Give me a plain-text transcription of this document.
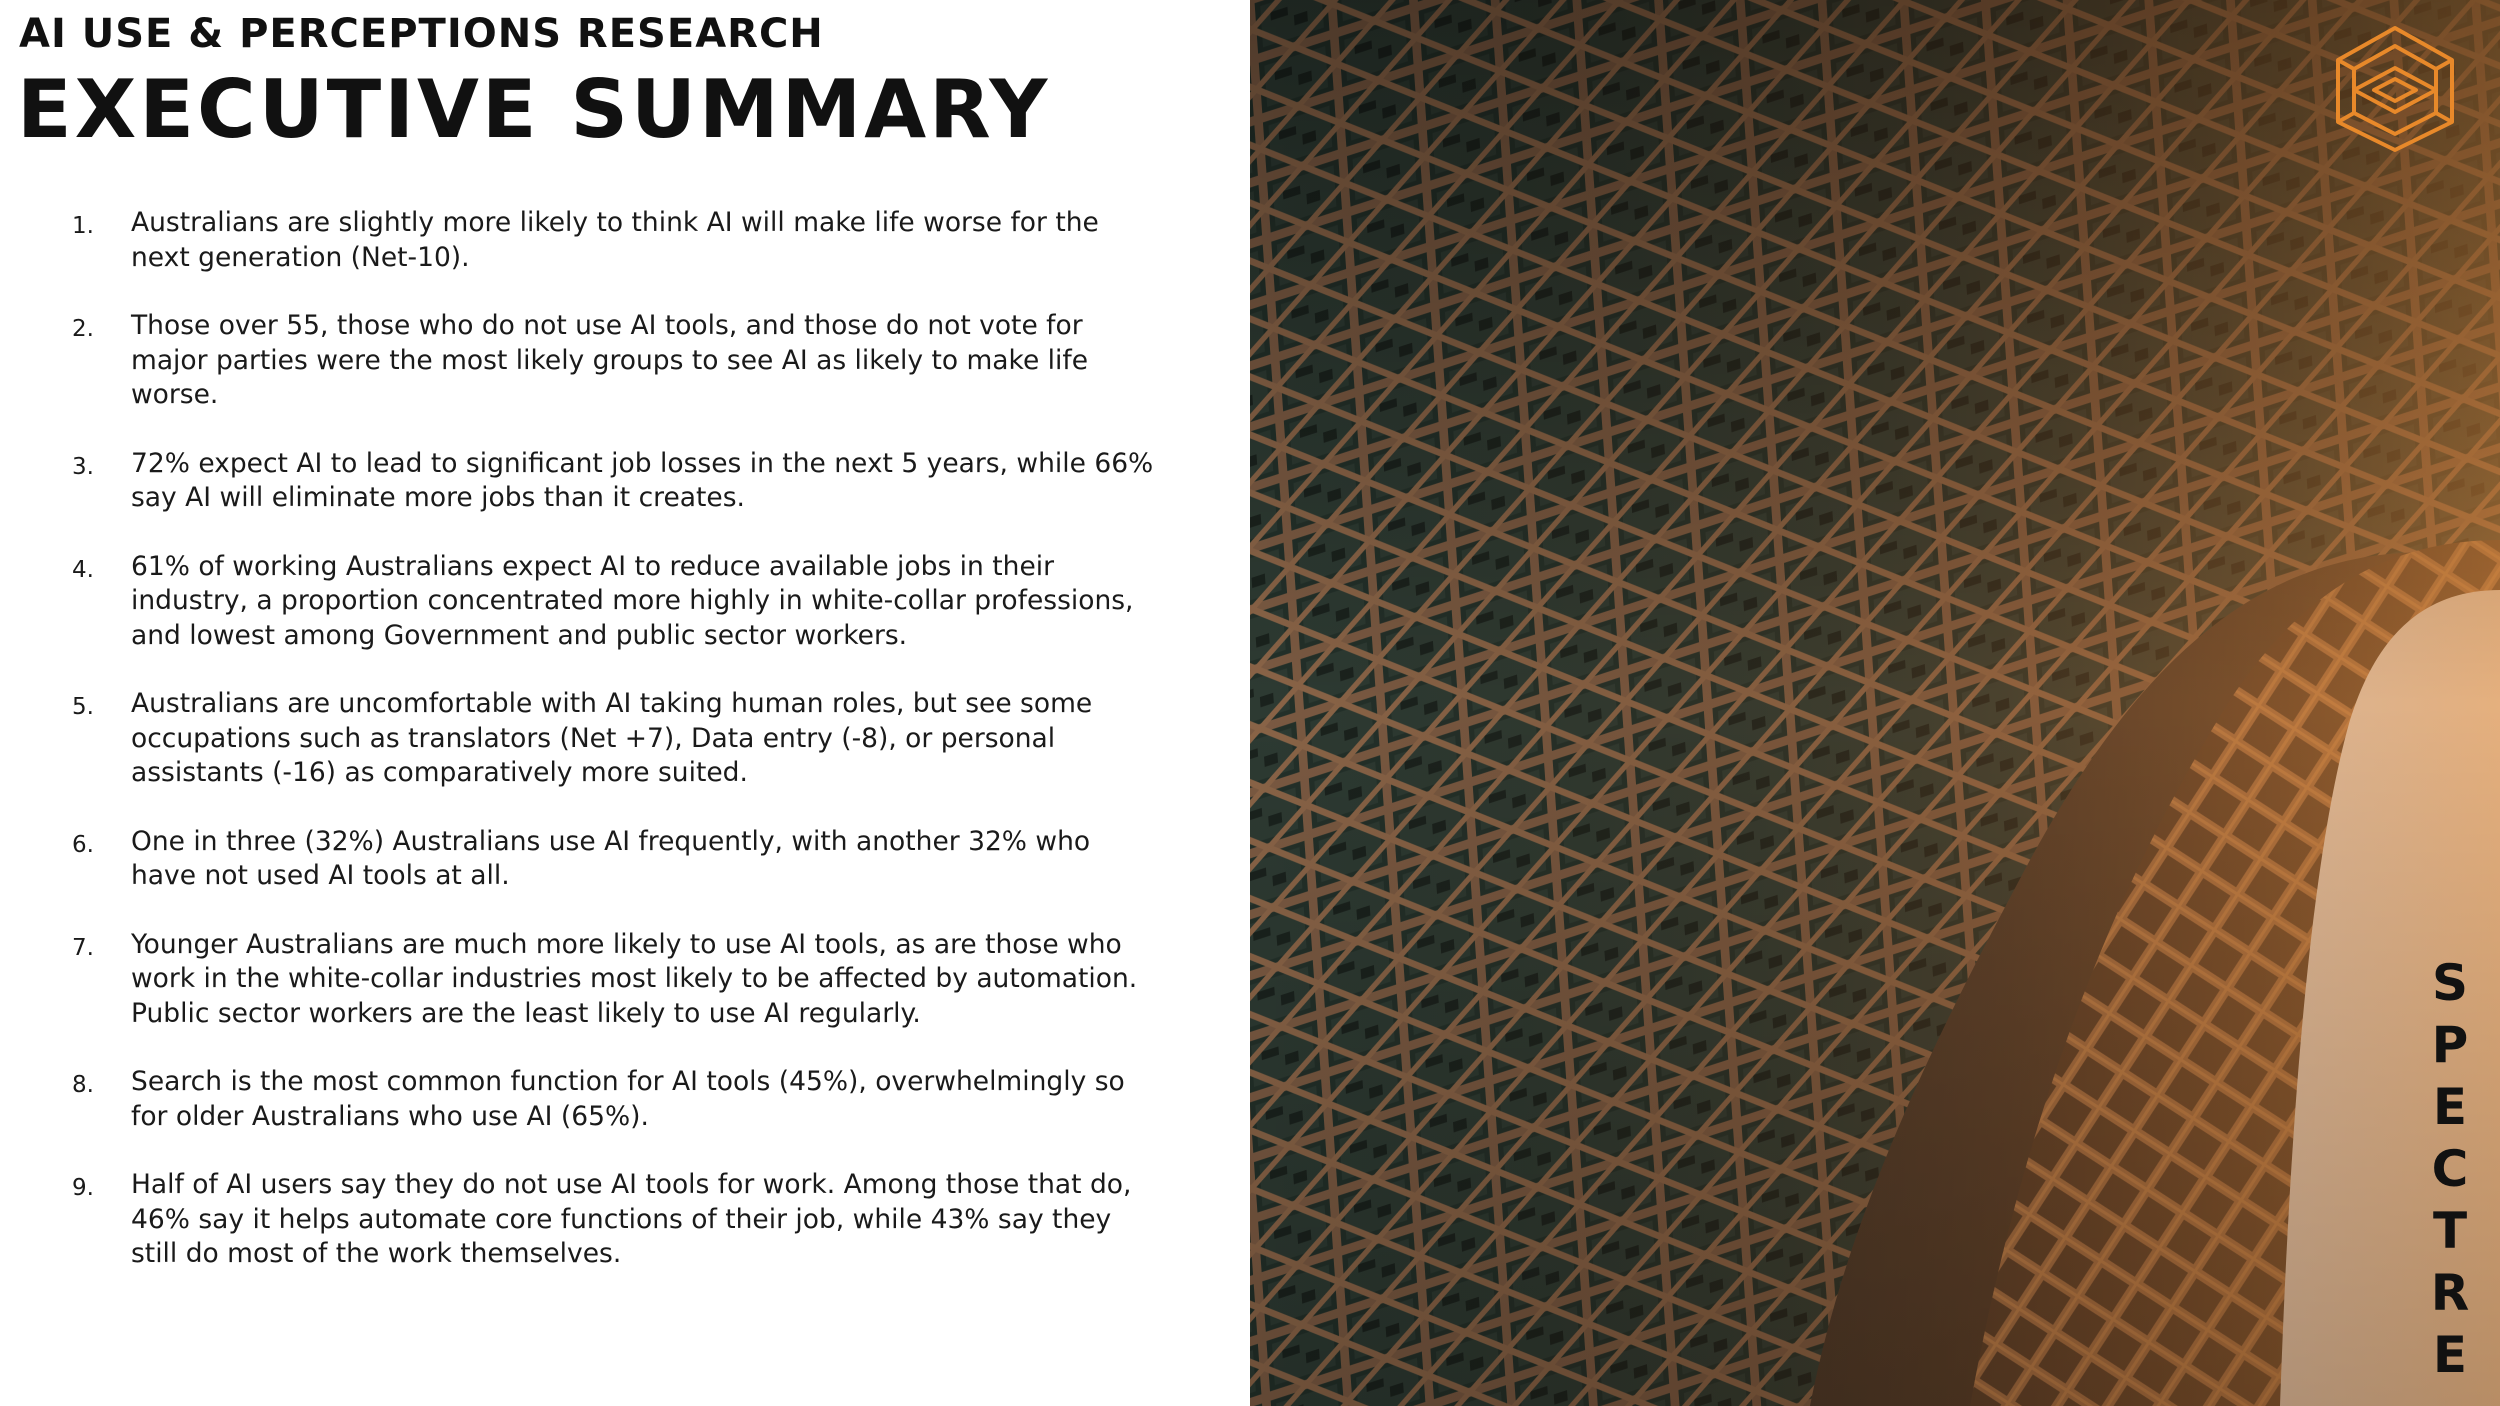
AI USE & PERCEPTIONS RESEARCH
EXECUTIVE SUMMARY
1. Australians are slightly more likely to think AI will make life worse for the next generation (Net-10).
2. Those over 55, those who do not use AI tools, and those do not vote for major parties were the most likely groups to see AI as likely to make life worse.
3. 72% expect AI to lead to significant job losses in the next 5 years, while 66% say AI will eliminate more jobs than it creates.
4. 61% of working Australians expect AI to reduce available jobs in their industry, a proportion concentrated more highly in white-collar professions, and lowest among Government and public sector workers.
5. Australians are uncomfortable with AI taking human roles, but see some occupations such as translators (Net +7), Data entry (-8), or personal assistants (-16) as comparatively more suited.
6. One in three (32%) Australians use AI frequently, with another 32% who have not used AI tools at all.
7. Younger Australians are much more likely to use AI tools, as are those who work in the white-collar industries most likely to be affected by automation. Public sector workers are the least likely to use AI regularly.
8. Search is the most common function for AI tools (45%), overwhelmingly so for older Australians who use AI (65%).
9. Half of AI users say they do not use AI tools for work. Among those that do, 46% say it helps automate core functions of their job, while 43% say they still do most of the work themselves.
S
P
E
C
T
R
E
